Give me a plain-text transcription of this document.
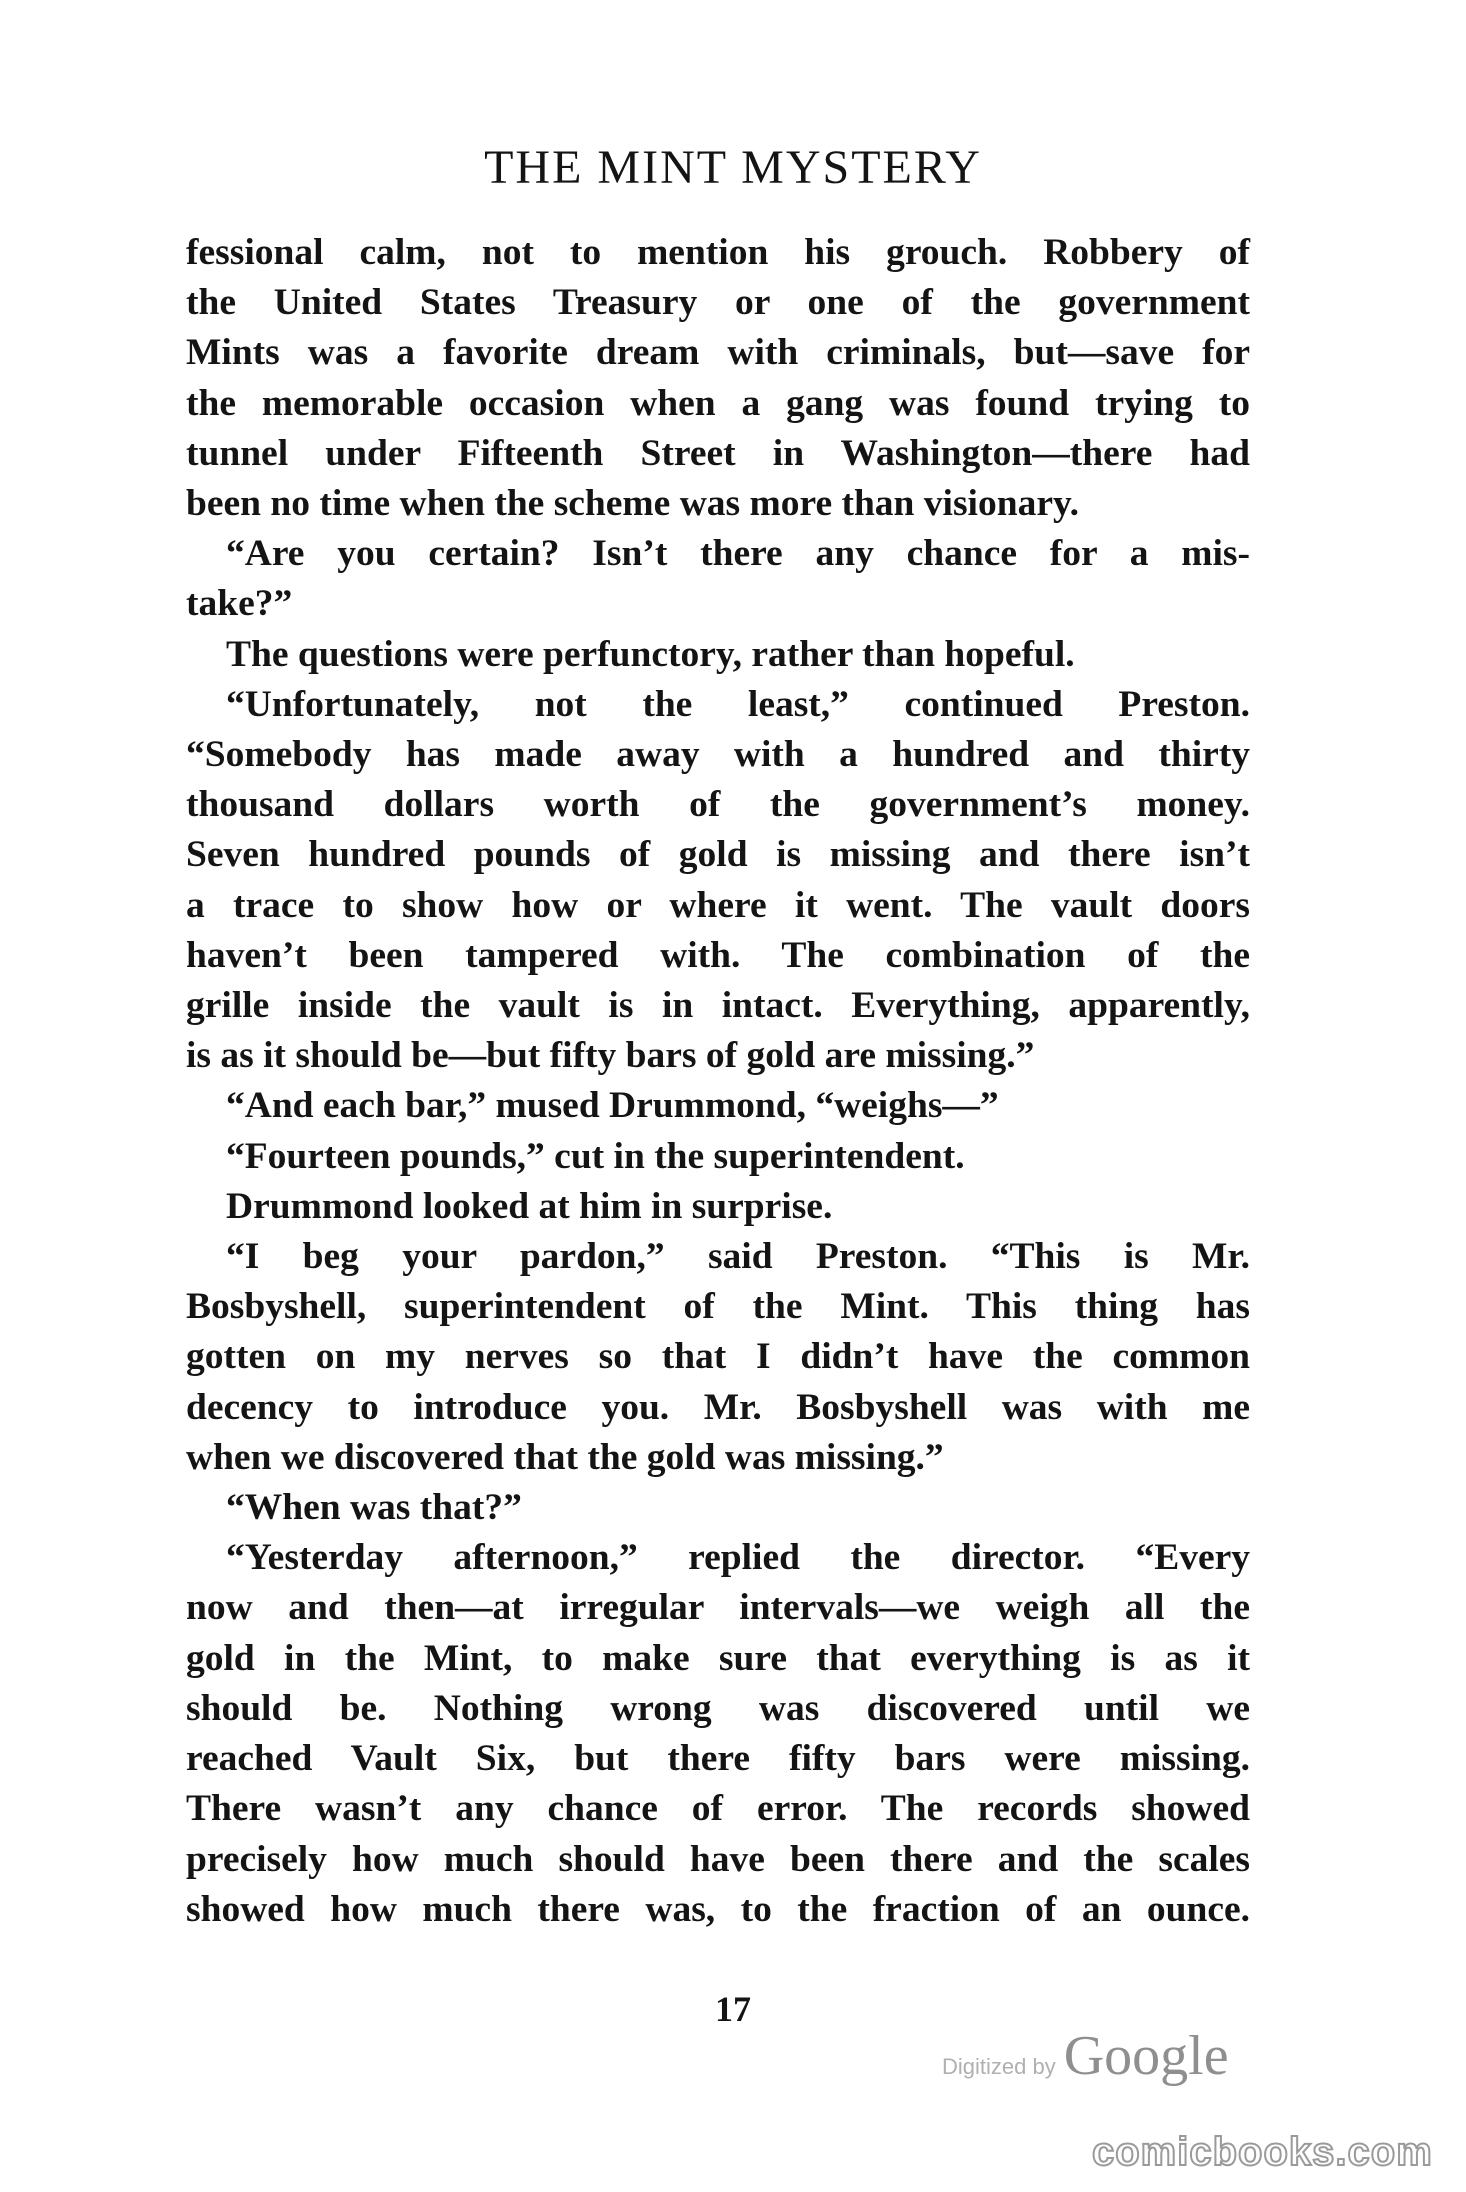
THE MINT MYSTERY
fessional calm, not to mention his grouch. Robbery of
the United States Treasury or one of the government
Mints was a favorite dream with criminals, but—save for
the memorable occasion when a gang was found trying to
tunnel under Fifteenth Street in Washington—there had
been no time when the scheme was more than visionary.
“Are you certain? Isn’t there any chance for a mis-
take?”
The questions were perfunctory, rather than hopeful.
“Unfortunately, not the least,” continued Preston.
“Somebody has made away with a hundred and thirty
thousand dollars worth of the government’s money.
Seven hundred pounds of gold is missing and there isn’t
a trace to show how or where it went. The vault doors
haven’t been tampered with. The combination of the
grille inside the vault is in intact. Everything, apparently,
is as it should be—but fifty bars of gold are missing.”
“And each bar,” mused Drummond, “weighs—”
“Fourteen pounds,” cut in the superintendent.
Drummond looked at him in surprise.
“I beg your pardon,” said Preston. “This is Mr.
Bosbyshell, superintendent of the Mint. This thing has
gotten on my nerves so that I didn’t have the common
decency to introduce you. Mr. Bosbyshell was with me
when we discovered that the gold was missing.”
“When was that?”
“Yesterday afternoon,” replied the director. “Every
now and then—at irregular intervals—we weigh all the
gold in the Mint, to make sure that everything is as it
should be. Nothing wrong was discovered until we
reached Vault Six, but there fifty bars were missing.
There wasn’t any chance of error. The records showed
precisely how much should have been there and the scales
showed how much there was, to the fraction of an ounce.
17
Digitized by Google
comicbooks.com
